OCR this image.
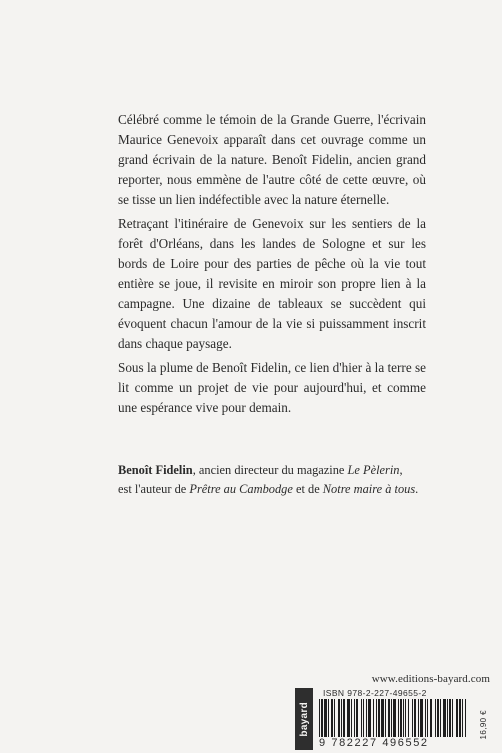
Célébré comme le témoin de la Grande Guerre, l'écrivain Maurice Genevoix apparaît dans cet ouvrage comme un grand écrivain de la nature. Benoît Fidelin, ancien grand reporter, nous emmène de l'autre côté de cette œuvre, où se tisse un lien indéfectible avec la nature éternelle.

Retraçant l'itinéraire de Genevoix sur les sentiers de la forêt d'Orléans, dans les landes de Sologne et sur les bords de Loire pour des parties de pêche où la vie tout entière se joue, il revisite en miroir son propre lien à la campagne. Une dizaine de tableaux se succèdent qui évoquent chacun l'amour de la vie si puissamment inscrit dans chaque paysage.

Sous la plume de Benoît Fidelin, ce lien d'hier à la terre se lit comme un projet de vie pour aujourd'hui, et comme une espérance vive pour demain.

Benoît Fidelin, ancien directeur du magazine Le Pèlerin,
est l'auteur de Prêtre au Cambodge et de Notre maire à tous.
www.editions-bayard.com
bayard
ISBN 978-2-227-49655-2
9 782227 496552
16,90 €
